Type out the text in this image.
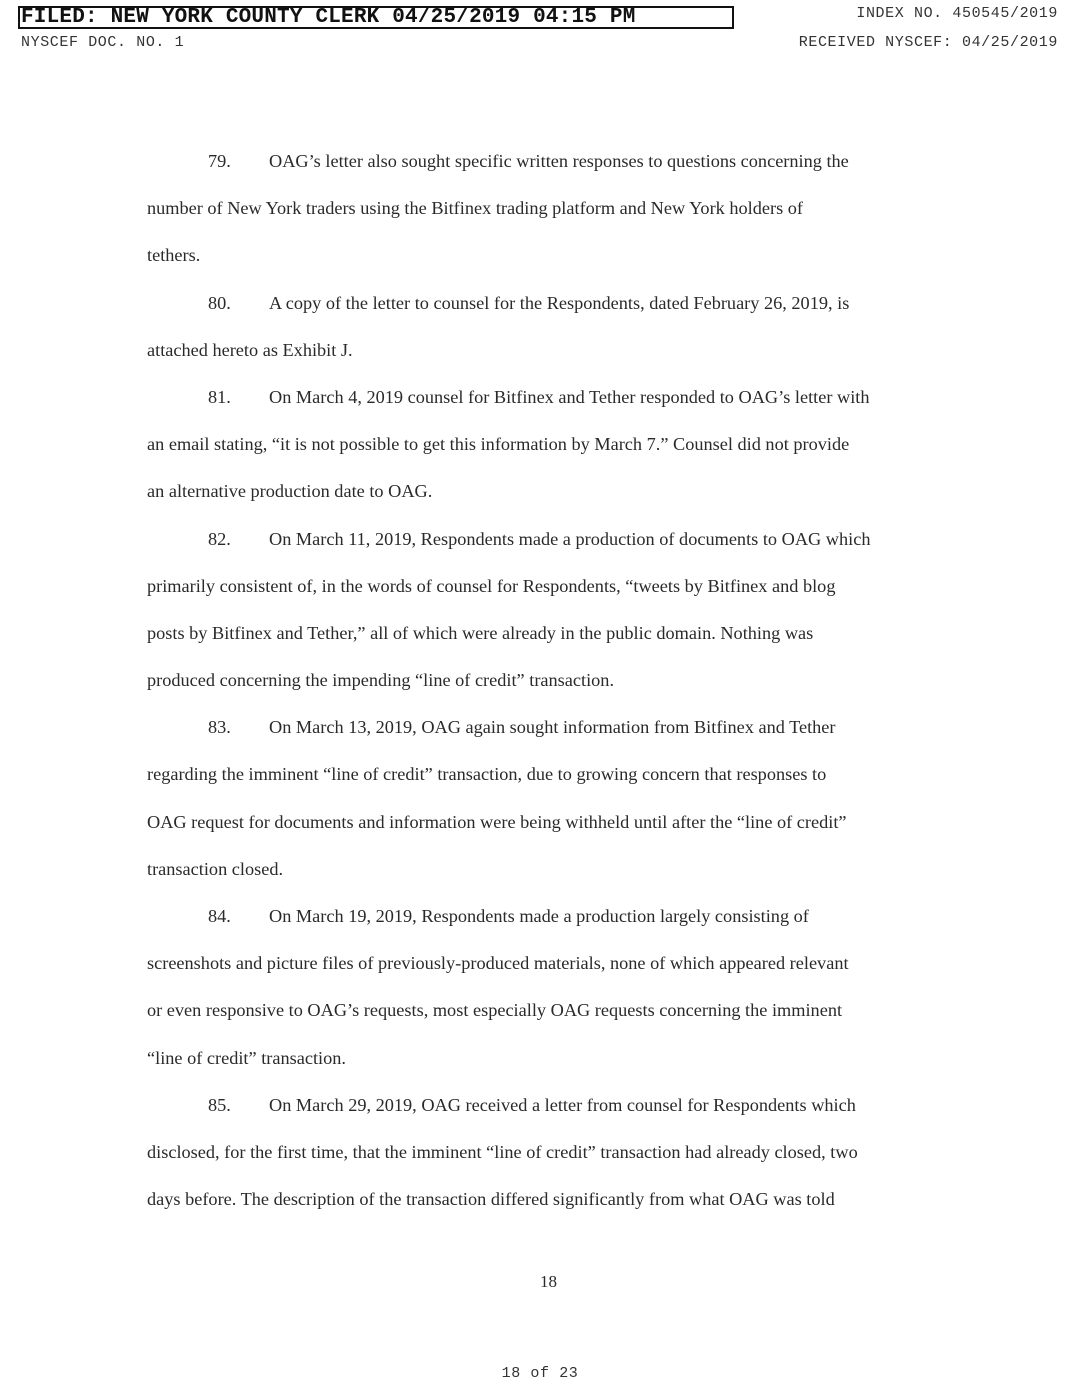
FILED: NEW YORK COUNTY CLERK 04/25/2019 04:15 PM
NYSCEF DOC. NO. 1
INDEX NO. 450545/2019
RECEIVED NYSCEF: 04/25/2019
79. OAG’s letter also sought specific written responses to questions concerning the
number of New York traders using the Bitfinex trading platform and New York holders of
tethers.
80. A copy of the letter to counsel for the Respondents, dated February 26, 2019, is
attached hereto as Exhibit J.
81. On March 4, 2019 counsel for Bitfinex and Tether responded to OAG’s letter with
an email stating, “it is not possible to get this information by March 7.” Counsel did not provide
an alternative production date to OAG.
82. On March 11, 2019, Respondents made a production of documents to OAG which
primarily consistent of, in the words of counsel for Respondents, “tweets by Bitfinex and blog
posts by Bitfinex and Tether,” all of which were already in the public domain. Nothing was
produced concerning the impending “line of credit” transaction.
83. On March 13, 2019, OAG again sought information from Bitfinex and Tether
regarding the imminent “line of credit” transaction, due to growing concern that responses to
OAG request for documents and information were being withheld until after the “line of credit”
transaction closed.
84. On March 19, 2019, Respondents made a production largely consisting of
screenshots and picture files of previously-produced materials, none of which appeared relevant
or even responsive to OAG’s requests, most especially OAG requests concerning the imminent
“line of credit” transaction.
85. On March 29, 2019, OAG received a letter from counsel for Respondents which
disclosed, for the first time, that the imminent “line of credit” transaction had already closed, two
days before. The description of the transaction differed significantly from what OAG was told
18
18 of 23
